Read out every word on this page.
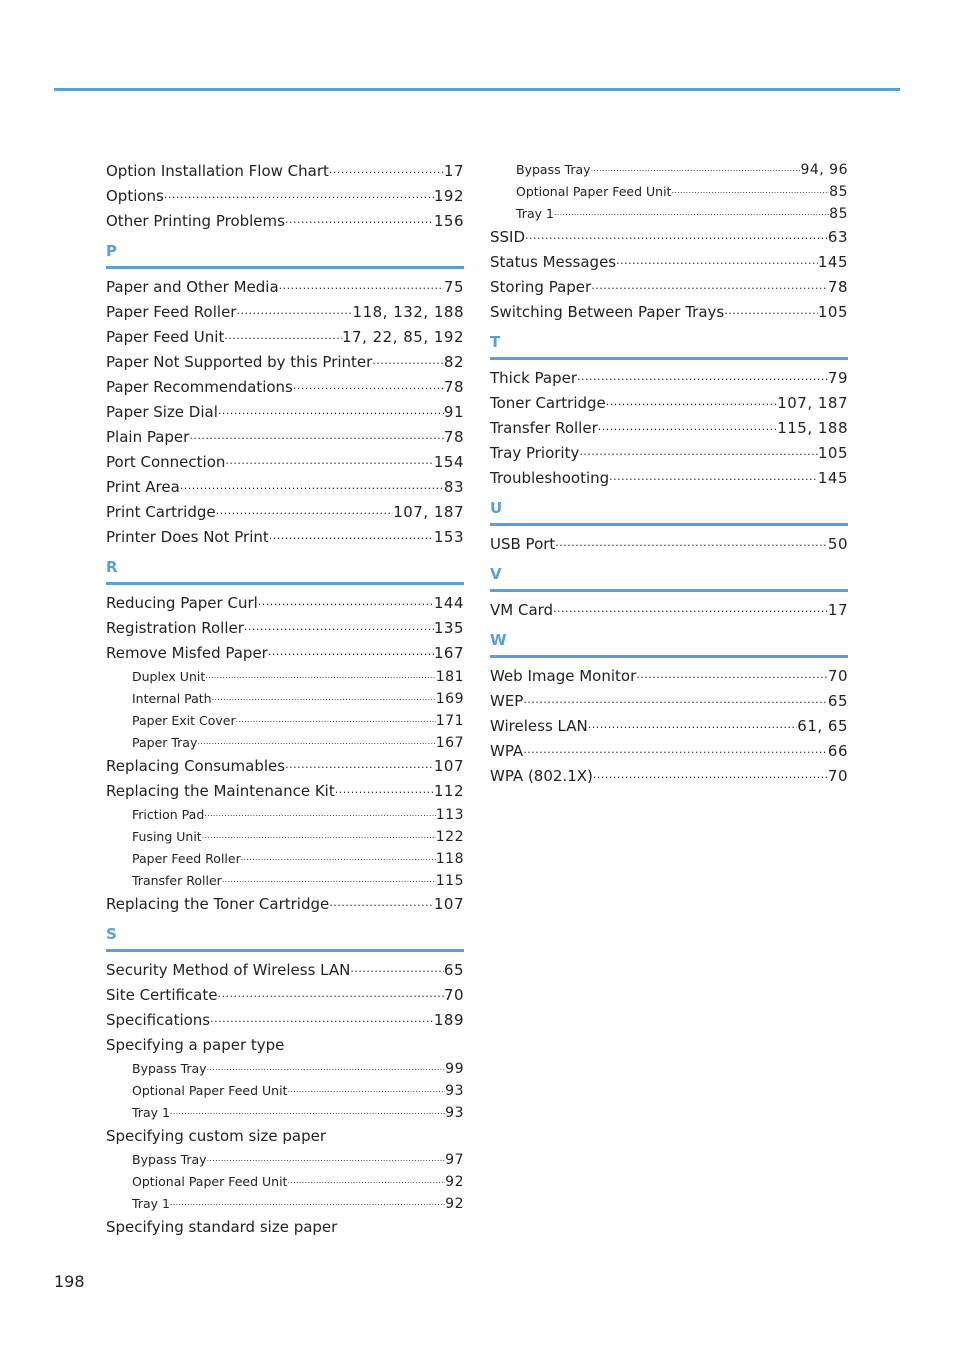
Option Installation Flow Chart .....	17
Options .....	192
Other Printing Problems .....	156
P
Paper and Other Media .....	75
Paper Feed Roller .....	118, 132, 188
Paper Feed Unit .....	17, 22, 85, 192
Paper Not Supported by this Printer .....	82
Paper Recommendations .....	78
Paper Size Dial .....	91
Plain Paper .....	78
Port Connection .....	154
Print Area .....	83
Print Cartridge .....	107, 187
Printer Does Not Print .....	153
R
Reducing Paper Curl .....	144
Registration Roller .....	135
Remove Misfed Paper .....	167
Duplex Unit .....	181
Internal Path .....	169
Paper Exit Cover .....	171
Paper Tray .....	167
Replacing Consumables .....	107
Replacing the Maintenance Kit .....	112
Friction Pad .....	113
Fusing Unit .....	122
Paper Feed Roller .....	118
Transfer Roller .....	115
Replacing the Toner Cartridge .....	107
S
Security Method of Wireless LAN .....	65
Site Certificate .....	70
Specifications .....	189
Specifying a paper type
Bypass Tray .....	99
Optional Paper Feed Unit .....	93
Tray 1 .....	93
Specifying custom size paper
Bypass Tray .....	97
Optional Paper Feed Unit .....	92
Tray 1 .....	92
Specifying standard size paper
Bypass Tray .....	94, 96
Optional Paper Feed Unit .....	85
Tray 1 .....	85
SSID .....	63
Status Messages .....	145
Storing Paper .....	78
Switching Between Paper Trays .....	105
T
Thick Paper .....	79
Toner Cartridge .....	107, 187
Transfer Roller .....	115, 188
Tray Priority .....	105
Troubleshooting .....	145
U
USB Port .....	50
V
VM Card .....	17
W
Web Image Monitor .....	70
WEP .....	65
Wireless LAN .....	61, 65
WPA .....	66
WPA (802.1X) .....	70
198
